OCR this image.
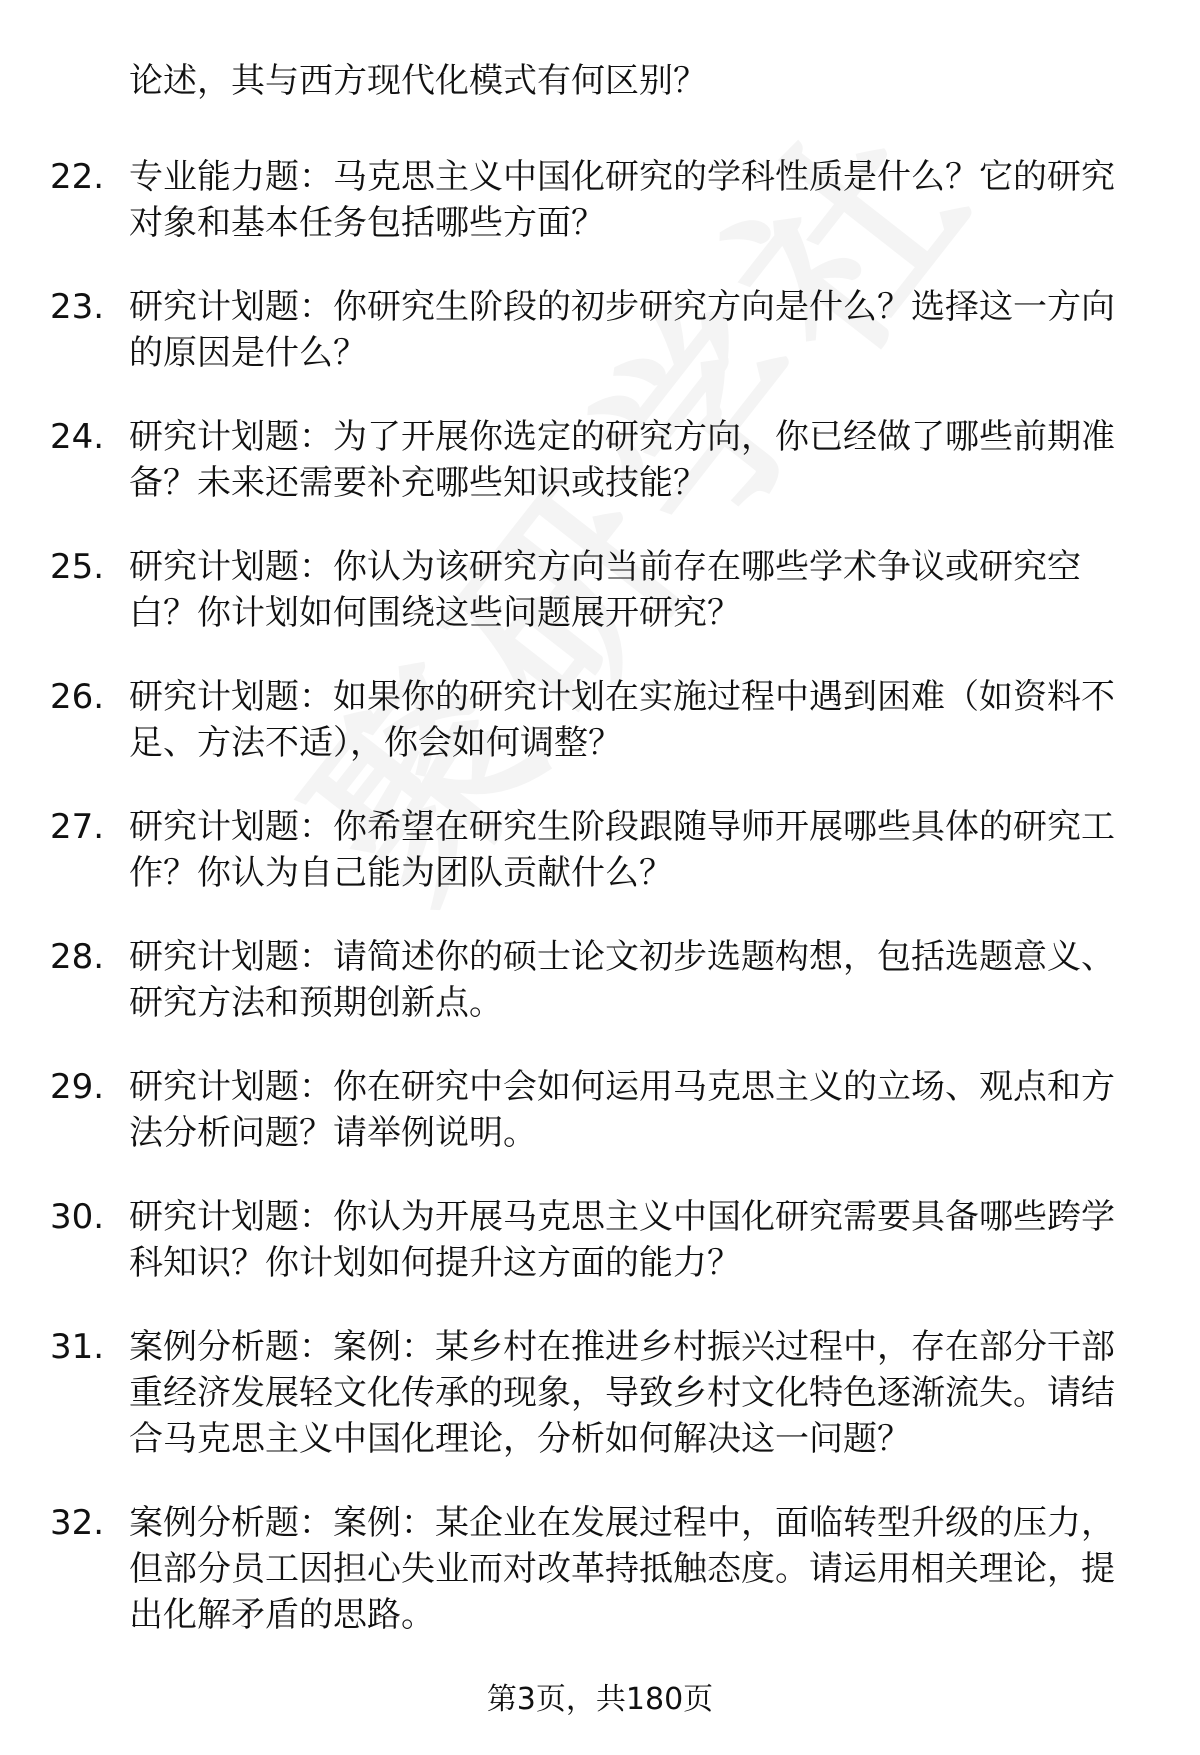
论述，其与西方现代化模式有何区别？

22. 专业能力题：马克思主义中国化研究的学科性质是什么？它的研究对象和基本任务包括哪些方面？
23. 研究计划题：你研究生阶段的初步研究方向是什么？选择这一方向的原因是什么？
24. 研究计划题：为了开展你选定的研究方向，你已经做了哪些前期准备？未来还需要补充哪些知识或技能？
25. 研究计划题：你认为该研究方向当前存在哪些学术争议或研究空白？你计划如何围绕这些问题展开研究？
26. 研究计划题：如果你的研究计划在实施过程中遇到困难（如资料不足、方法不适），你会如何调整？
27. 研究计划题：你希望在研究生阶段跟随导师开展哪些具体的研究工作？你认为自己能为团队贡献什么？
28. 研究计划题：请简述你的硕士论文初步选题构想，包括选题意义、研究方法和预期创新点。
29. 研究计划题：你在研究中会如何运用马克思主义的立场、观点和方法分析问题？请举例说明。
30. 研究计划题：你认为开展马克思主义中国化研究需要具备哪些跨学科知识？你计划如何提升这方面的能力？
31. 案例分析题：案例：某乡村在推进乡村振兴过程中，存在部分干部重经济发展轻文化传承的现象，导致乡村文化特色逐渐流失。请结合马克思主义中国化理论，分析如何解决这一问题？
32. 案例分析题：案例：某企业在发展过程中，面临转型升级的压力，但部分员工因担心失业而对改革持抵触态度。请运用相关理论，提出化解矛盾的思路。
第3页，共180页
